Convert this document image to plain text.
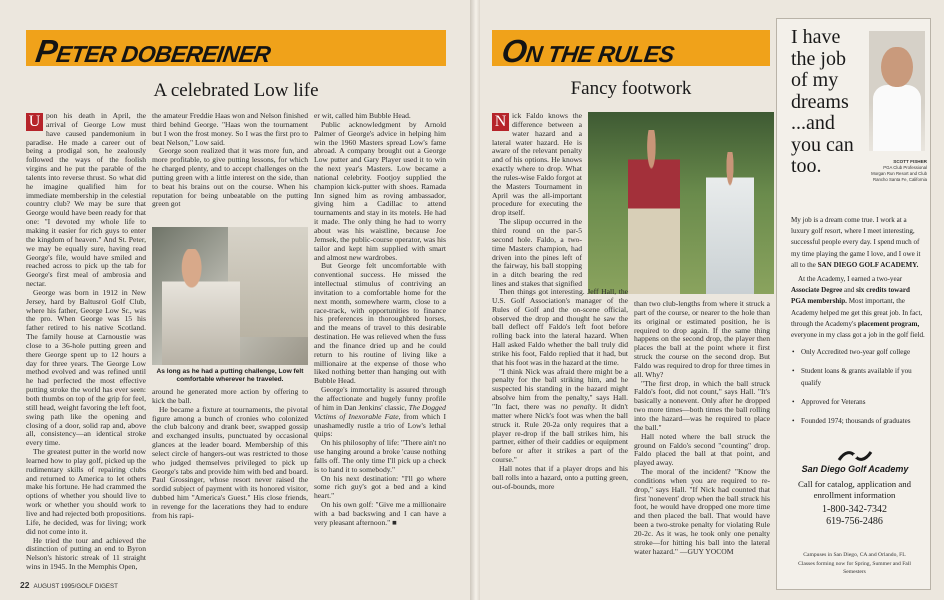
PETER DOBEREINER
A celebrated Low life

U pon his death in April, the arrival of George Low must have caused pandemonium in paradise. He made a career out of being a prodigal son, he zealously followed the ways of the foolish virgins and he put the parable of the talents into reverse thrust. So what did he imagine qualified him for immediate membership in the celestial country club? We may be sure that George would have been ready for that one: "I devoted my whole life to making it easier for rich guys to enter the kingdom of heaven." And St. Peter, we may be equally sure, having read George's file, would have smiled and reached across to pick up the tab for George's first meal of ambrosia and nectar.

George was born in 1912 in New Jersey, hard by Baltusrol Golf Club, where his father, George Low Sr., was the pro. When George was 15 his father retired to his native Scotland. The family house at Carnoustie was close to a 36-hole putting green and there George spent up to 12 hours a day for three years. The George Low method evolved and was refined until he had perfected the most effective putting stroke the world has ever seen: both thumbs on top of the grip for feel, still head, weight favoring the left foot, swing path like the opening and closing of a door, solid rap and, above all, consistency—an identical stroke every time.

The greatest putter in the world now learned how to play golf, picked up the rudimentary skills of repairing clubs and returned to America to let others make his fortune. He had crammed the options of whether you should live to work or whether you should work to live and had rejected both propositions. Life, he decided, was for living; work did not come into it.

He tried the tour and achieved the distinction of putting an end to Byron Nelson's historic streak of 11 straight wins in 1945. In the Memphis Open,

the amateur Freddie Haas won and Nelson finished third behind George. "Haas won the tournament but I won the frost money. So I was the first pro to beat Nelson," Low said.

George soon realized that it was more fun, and more profitable, to give putting lessons, for which he charged plenty, and to accept challenges on the putting green with a little interest on the side, than to beat his brains out on the course. When his reputation for being unbeatable on the putting green got

As long as he had a putting challenge, Low felt comfortable wherever he traveled.

around he generated more action by offering to kick the ball.

He became a fixture at tournaments, the pivotal figure among a bunch of cronies who colonized the club balcony and drank beer, swapped gossip and exchanged insults, punctuated by occasional glances at the leader board. Membership of this select circle of hangers-out was restricted to those who judged themselves privileged to pick up George's tabs and provide him with bed and board. Paul Grossinger, whose resort never raised the sordid subject of payment with its honored visitor, dubbed him "America's Guest." His close friends, in revenge for the lacerations they had to endure from his rapi-

er wit, called him Bubble Head.

Public acknowledgment by Arnold Palmer of George's advice in helping him win the 1960 Masters spread Low's fame abroad. A company brought out a George Low putter and Gary Player used it to win the next year's Masters. Low became a national celebrity. Footjoy supplied the champion kick-putter with shoes. Ramada Inn signed him as roving ambassador, giving him a Cadillac to attend tournaments and stay in its motels. He had it made. The only thing he had to worry about was his waistline, because Joe Jemsek, the public-course operator, was his tailor and kept him supplied with smart and almost new wardrobes.

But George felt uncomfortable with conventional success. He missed the intellectual stimulus of contriving an invitation to a comfortable home for the next month, somewhere warm, close to a race-track, with opportunities to finance his preferences in thoroughbred horses, and the means of travel to this desirable destination. He was relieved when the fuss and the finance dried up and he could return to his routine of living like a millionaire at the expense of those who liked nothing better than hanging out with Bubble Head.

George's immortality is assured through the affectionate and hugely funny profile of him in Dan Jenkins' classic, The Dogged Victims of Inexorable Fate, from which I unashamedly rustle a trio of Low's lethal quips:

On his philosophy of life: "There ain't no use hanging around a broke 'cause nothing falls off. The only time I'll pick up a check is to hand it to somebody."

On his next destination: "I'll go where some rich guy's got a bed and a kind heart."

On his own golf: "Give me a millionaire with a bad backswing and I can have a very pleasant afternoon." ■

22 AUGUST 1995/GOLF DIGEST
ON THE RULES
Fancy footwork

N ick Faldo knows the difference between a water hazard and a lateral water hazard. He is aware of the relevant penalty and of his options. He knows exactly where to drop. What the rules-wise Faldo forgot at the Masters Tournament in April was the all-important procedure for executing the drop itself.

The slipup occurred in the third round on the par-5 second hole. Faldo, a two-time Masters champion, had driven into the pines left of the fairway, his ball stopping in a ditch bearing the red lines and stakes that signified

Then things got interesting. Jeff Hall, the U.S. Golf Association's manager of the Rules of Golf and the on-scene official, observed the drop and thought he saw the ball deflect off Faldo's left foot before rolling back into the lateral hazard. When Hall asked Faldo whether the ball truly did strike his foot, Faldo replied that it had, but that his foot was in the hazard at the time.

"I think Nick was afraid there might be a penalty for the ball striking him, and he suspected his standing in the hazard might absolve him from the penalty," says Hall. "In fact, there was no penalty. It didn't matter where Nick's foot was when the ball struck it. Rule 20-2a only requires that a player re-drop if the ball strikes him, his partner, either of their caddies or equipment before or after it strikes a part of the course."

Hall notes that if a player drops and his ball rolls into a hazard, onto a putting green, out-of-bounds, more

than two club-lengths from where it struck a part of the course, or nearer to the hole than its original or estimated position, he is required to drop again. If the same thing happens on the second drop, the player then places the ball at the point where it first struck the course on the second drop. But Faldo was required to drop for three times in all. Why?

"The first drop, in which the ball struck Faldo's foot, did not count," says Hall. "It's basically a nonevent. Only after he dropped two more times—both times the ball rolling into the hazard—was he required to place the ball."

Hall noted where the ball struck the ground on Faldo's second "counting" drop. Faldo placed the ball at that point, and played away.

The moral of the incident? "Know the conditions when you are required to re-drop," says Hall. "If Nick had counted that first 'nonevent' drop when the ball struck his foot, he would have dropped one more time and then placed the ball. That would have been a two-stroke penalty for violating Rule 20-2c. As it was, he took only one penalty stroke—for hitting his ball into the lateral water hazard." —GUY YOCOM

I have the job of my dreams ...and you can too.	SCOTT FISHER
PGA Club Professional
Morgan Run Resort and Club
Rancho Santa Fe, California

My job is a dream come true. I work at a luxury golf resort, where I meet interesting, successful people every day. I spend much of my time playing the game I love, and I owe it all to the SAN DIEGO GOLF ACADEMY.

At the Academy, I earned a two-year Associate Degree and six credits toward PGA membership. Most important, the Academy helped me get this great job. In fact, through the Academy's placement program, everyone in my class got a job in the golf field.

• Only Accredited two-year golf college
• Student loans & grants available if you qualify
• Approved for Veterans
• Founded 1974; thousands of graduates
San Diego Golf Academy
Call for catalog, application and enrollment information
1-800-342-7342
619-756-2486
Campuses in San Diego, CA and Orlando, FL
Classes forming now for Spring, Summer and Fall Semesters
